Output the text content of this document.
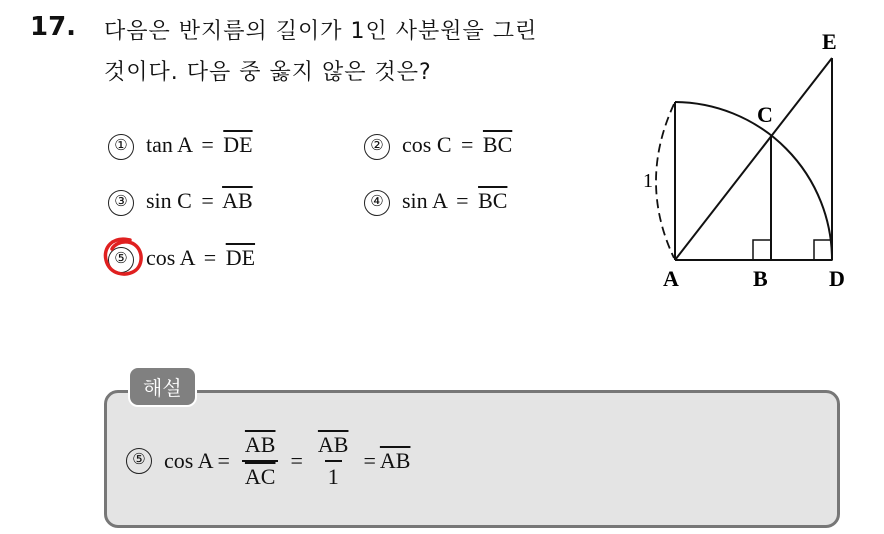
17. 다음은 반지름의 길이가 1인 사분원을 그린
것이다. 다음 중 옳지 않은 것은?
① $\tan A = \overline{DE}$	② $\cos C = \overline{BC}$
③ $\sin C = \overline{AB}$	④ $\sin A = \overline{BC}$
⑤ $\cos A = \overline{DE}$
A	B	D
C
E
1
해설
⑤ $\cos A = \frac{\overline{AB}}{AC} = \frac{\overline{AB}}{1} = \overline{AB}$
